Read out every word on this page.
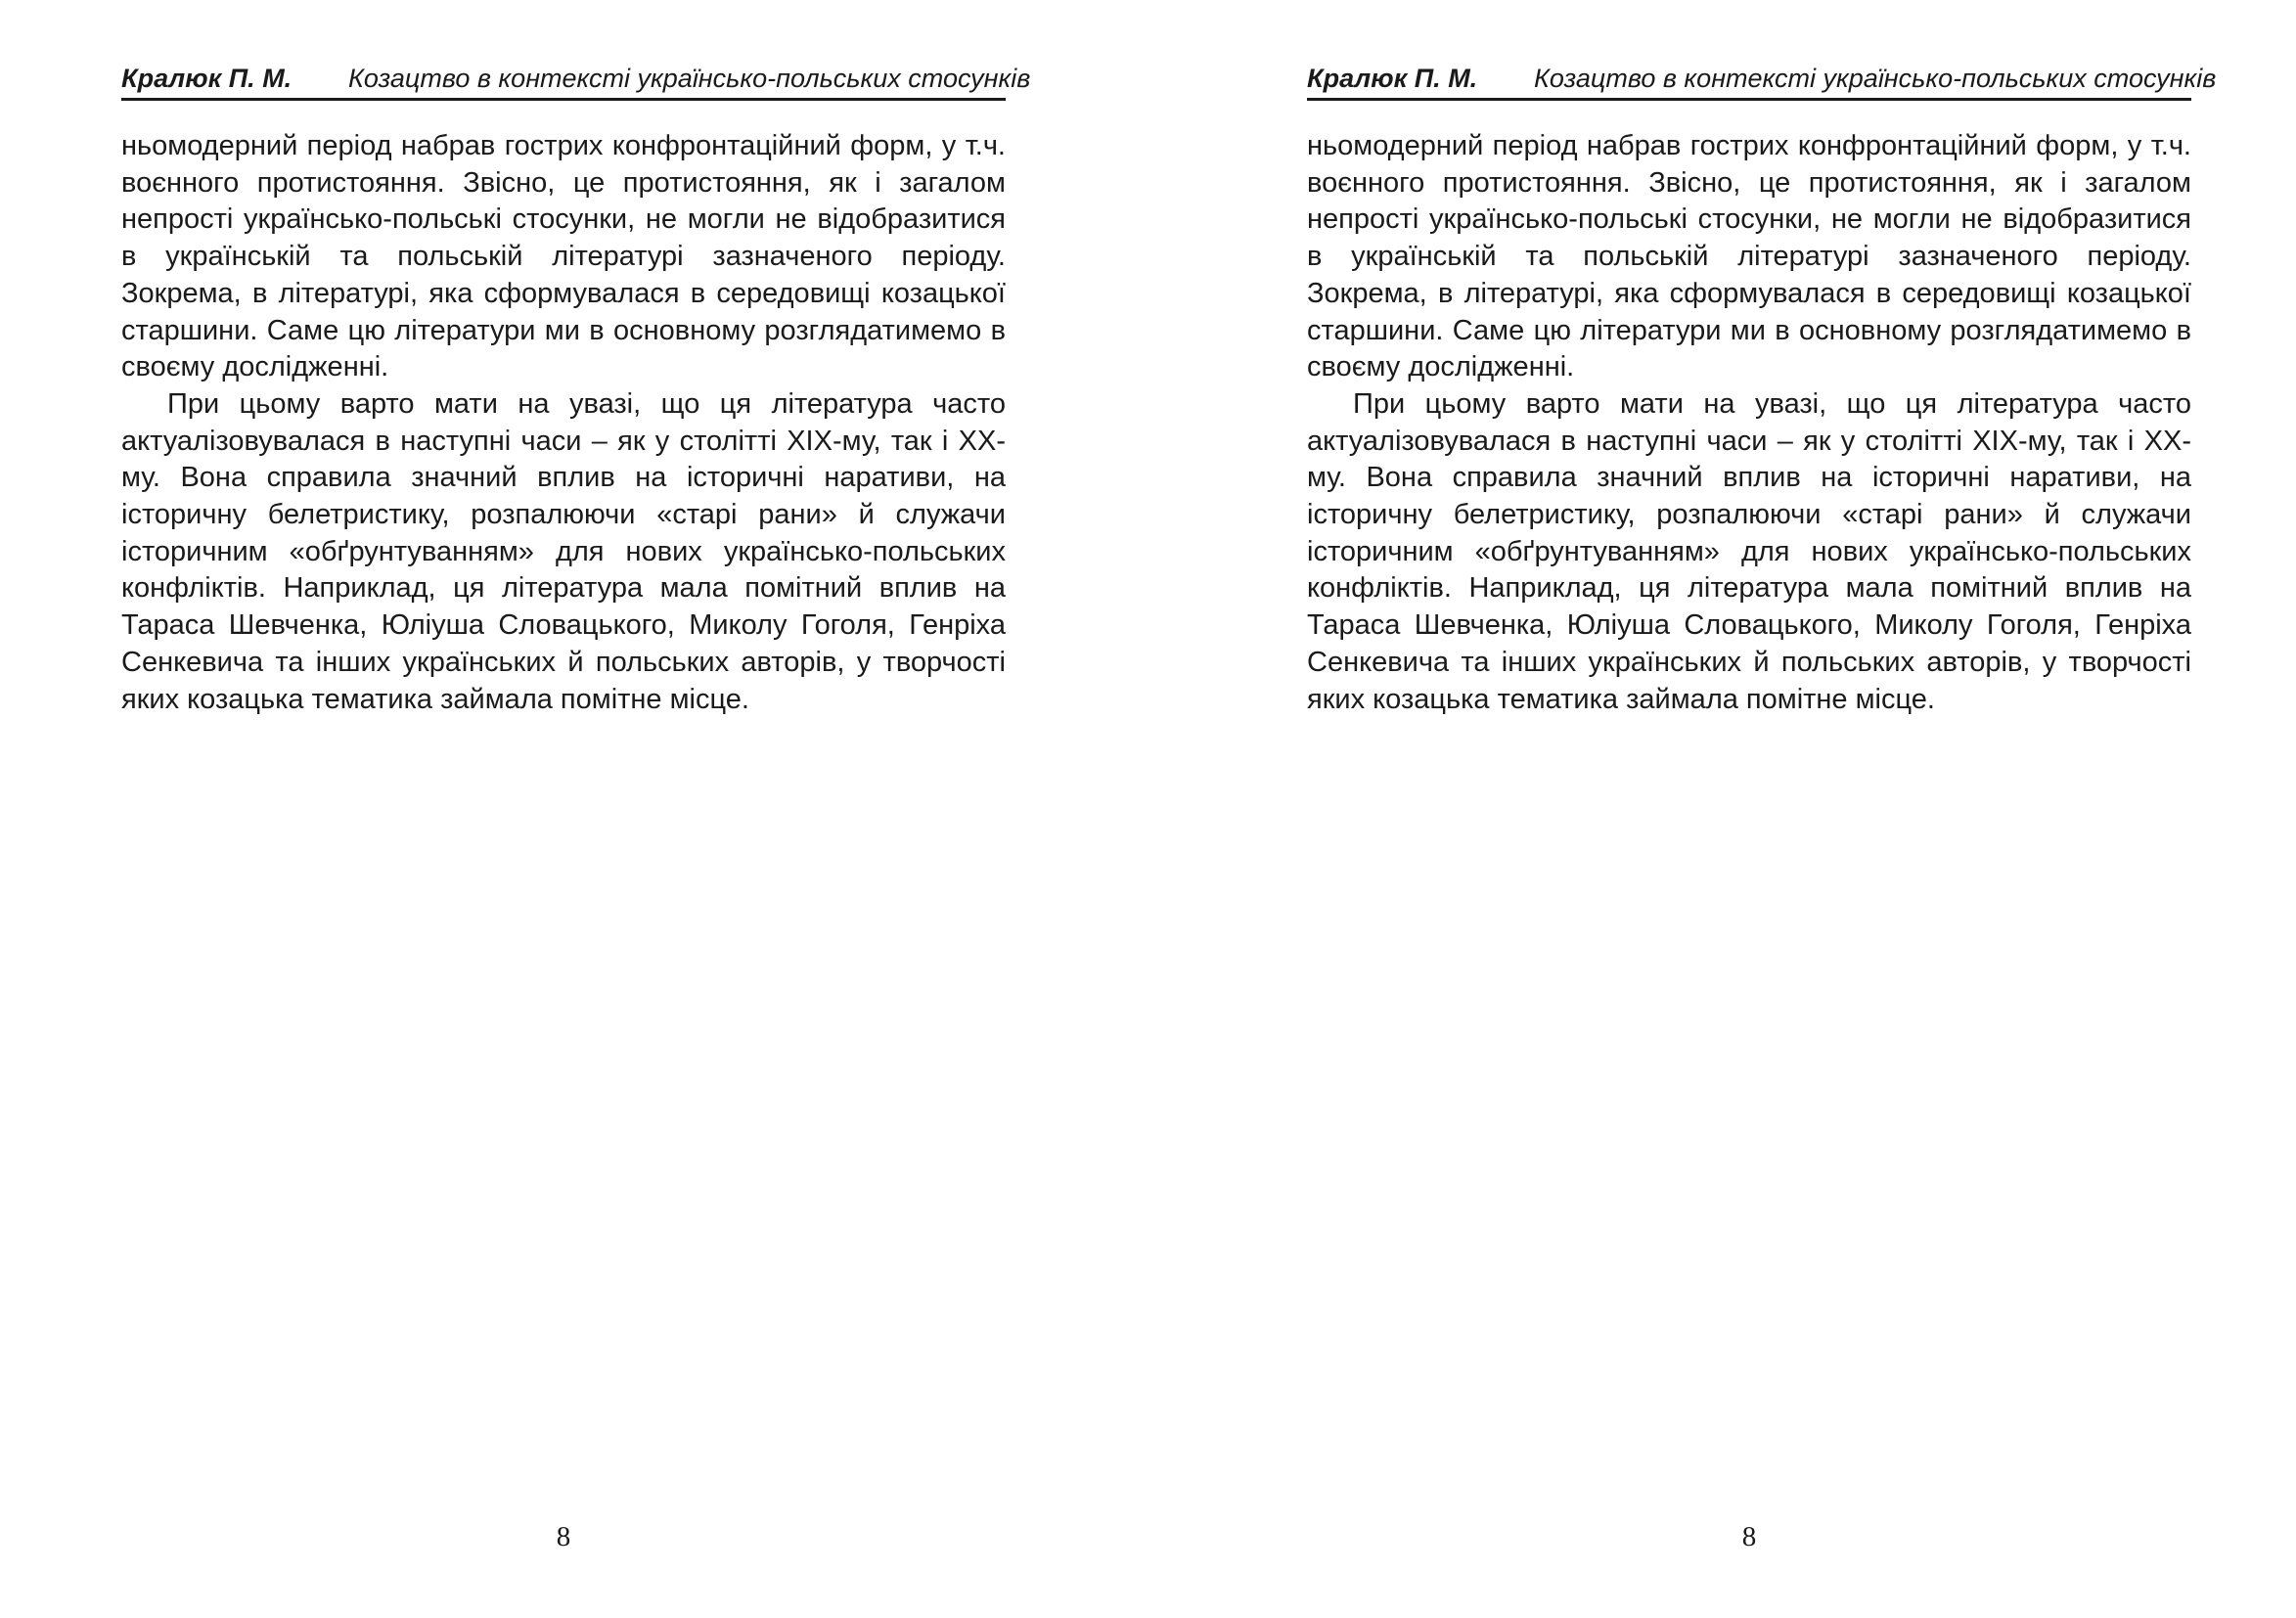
Кралюк П. М. Козацтво в контексті українсько-польських стосунків

ньомодерний період набрав гострих конфронтаційний форм, у т.ч. воєнного протистояння. Звісно, це протистояння, як і загалом непрості українсько-польські стосунки, не могли не відобразитися в українській та польській літературі зазначеного періоду. Зокрема, в літературі, яка сформувалася в середовищі козацької старшини. Саме цю літератури ми в основному розглядатимемо в своєму дослідженні.

При цьому варто мати на увазі, що ця література часто актуалізовувалася в наступні часи – як у столітті ХІХ-му, так і ХХ-му. Вона справила значний вплив на історичні наративи, на історичну белетристику, розпалюючи «старі рани» й служачи історичним «обґрунтуванням» для нових українсько-польських конфліктів. Наприклад, ця література мала помітний вплив на Тараса Шевченка, Юліуша Словацького, Миколу Гоголя, Генріха Сенкевича та інших українських й польських авторів, у творчості яких козацька тематика займала помітне місце.

8
Кралюк П. М. Козацтво в контексті українсько-польських стосунків

ньомодерний період набрав гострих конфронтаційний форм, у т.ч. воєнного протистояння. Звісно, це протистояння, як і загалом непрості українсько-польські стосунки, не могли не відобразитися в українській та польській літературі зазначеного періоду. Зокрема, в літературі, яка сформувалася в середовищі козацької старшини. Саме цю літератури ми в основному розглядатимемо в своєму дослідженні.

При цьому варто мати на увазі, що ця література часто актуалізовувалася в наступні часи – як у столітті ХІХ-му, так і ХХ-му. Вона справила значний вплив на історичні наративи, на історичну белетристику, розпалюючи «старі рани» й служачи історичним «обґрунтуванням» для нових українсько-польських конфліктів. Наприклад, ця література мала помітний вплив на Тараса Шевченка, Юліуша Словацького, Миколу Гоголя, Генріха Сенкевича та інших українських й польських авторів, у творчості яких козацька тематика займала помітне місце.

8
